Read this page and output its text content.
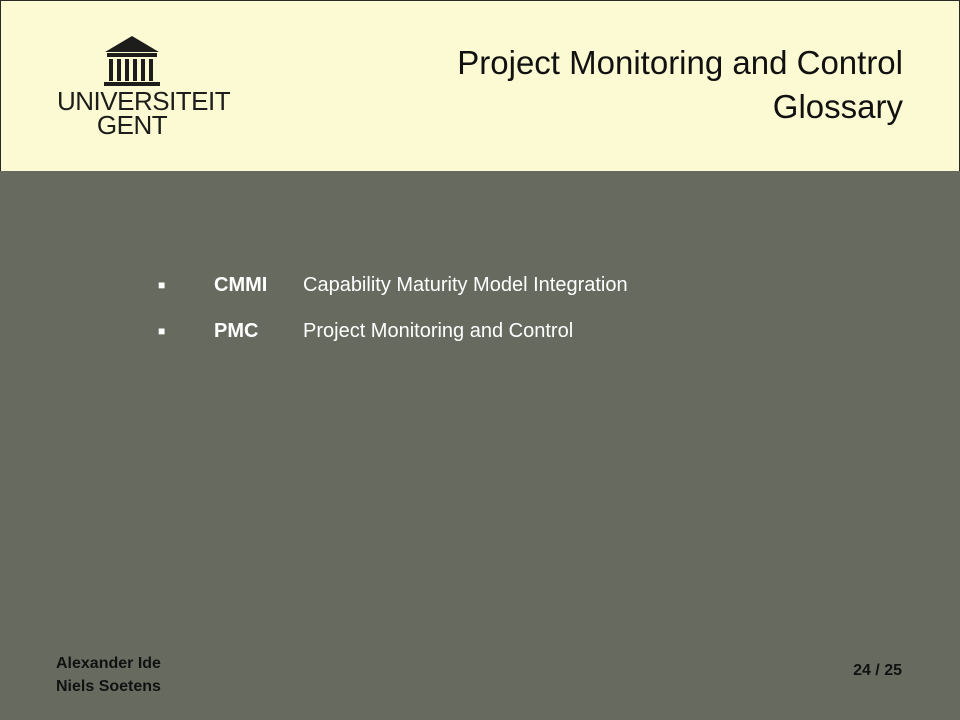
UNIVERSITEIT
GENT
Project Monitoring and Control
Glossary
■	CMMI Capability Maturity Model Integration
■	PMC Project Monitoring and Control
Alexander Ide
Niels Soetens
24 / 25
